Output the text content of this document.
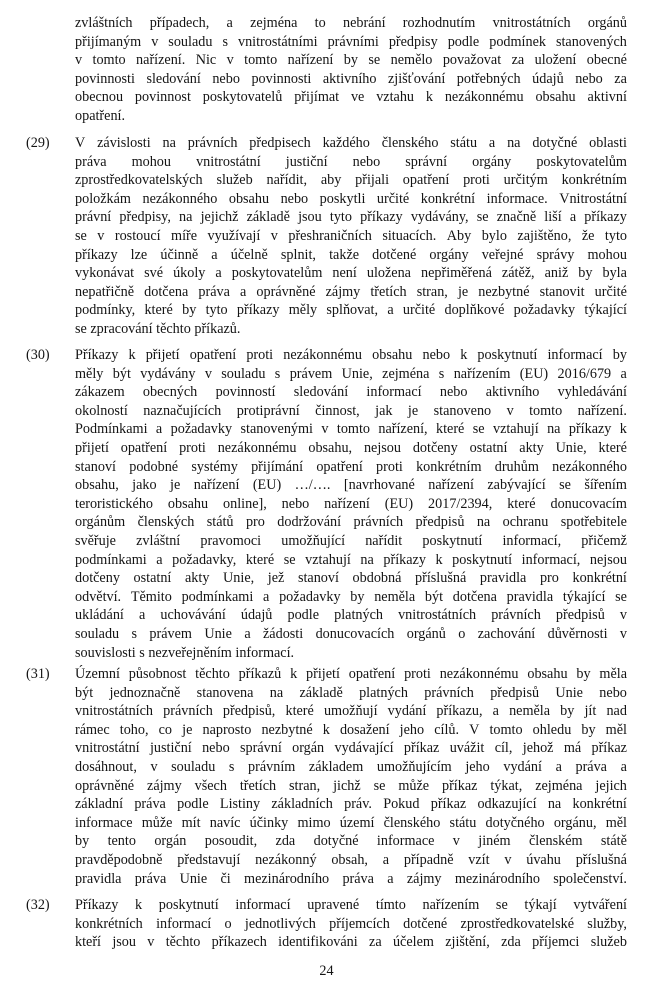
zvláštních případech, a zejména to nebrání rozhodnutím vnitrostátních orgánů
přijímaným v souladu s vnitrostátními právními předpisy podle podmínek stanovených
v tomto nařízení. Nic v tomto nařízení by se nemělo považovat za uložení obecné
povinnosti sledování nebo povinnosti aktivního zjišťování potřebných údajů nebo za
obecnou povinnost poskytovatelů přijímat ve vztahu k nezákonnému obsahu aktivní
opatření.
(29) V závislosti na právních předpisech každého členského státu a na dotyčné oblasti
práva mohou vnitrostátní justiční nebo správní orgány poskytovatelům
zprostředkovatelských služeb nařídit, aby přijali opatření proti určitým konkrétním
položkám nezákonného obsahu nebo poskytli určité konkrétní informace. Vnitrostátní
právní předpisy, na jejichž základě jsou tyto příkazy vydávány, se značně liší a příkazy
se v rostoucí míře využívají v přeshraničních situacích. Aby bylo zajištěno, že tyto
příkazy lze účinně a účelně splnit, takže dotčené orgány veřejné správy mohou
vykonávat své úkoly a poskytovatelům není uložena nepřiměřená zátěž, aniž by byla
nepatřičně dotčena práva a oprávněné zájmy třetích stran, je nezbytné stanovit určité
podmínky, které by tyto příkazy měly splňovat, a určité doplňkové požadavky týkající
se zpracování těchto příkazů.
(30) Příkazy k přijetí opatření proti nezákonnému obsahu nebo k poskytnutí informací by
měly být vydávány v souladu s právem Unie, zejména s nařízením (EU) 2016/679 a
zákazem obecných povinností sledování informací nebo aktivního vyhledávání
okolností naznačujících protiprávní činnost, jak je stanoveno v tomto nařízení.
Podmínkami a požadavky stanovenými v tomto nařízení, které se vztahují na příkazy k
přijetí opatření proti nezákonnému obsahu, nejsou dotčeny ostatní akty Unie, které
stanoví podobné systémy přijímání opatření proti konkrétním druhům nezákonného
obsahu, jako je nařízení (EU) …/…. [navrhované nařízení zabývající se šířením
teroristického obsahu online], nebo nařízení (EU) 2017/2394, které donucovacím
orgánům členských států pro dodržování právních předpisů na ochranu spotřebitele
svěřuje zvláštní pravomoci umožňující nařídit poskytnutí informací, přičemž
podmínkami a požadavky, které se vztahují na příkazy k poskytnutí informací, nejsou
dotčeny ostatní akty Unie, jež stanoví obdobná příslušná pravidla pro konkrétní
odvětví. Těmito podmínkami a požadavky by neměla být dotčena pravidla týkající se
ukládání a uchovávání údajů podle platných vnitrostátních právních předpisů v
souladu s právem Unie a žádosti donucovacích orgánů o zachování důvěrnosti v
souvislosti s nezveřejněním informací.
(31) Územní působnost těchto příkazů k přijetí opatření proti nezákonnému obsahu by měla
být jednoznačně stanovena na základě platných právních předpisů Unie nebo
vnitrostátních právních předpisů, které umožňují vydání příkazu, a neměla by jít nad
rámec toho, co je naprosto nezbytné k dosažení jeho cílů. V tomto ohledu by měl
vnitrostátní justiční nebo správní orgán vydávající příkaz uvážit cíl, jehož má příkaz
dosáhnout, v souladu s právním základem umožňujícím jeho vydání a práva a
oprávněné zájmy všech třetích stran, jichž se může příkaz týkat, zejména jejich
základní práva podle Listiny základních práv. Pokud příkaz odkazující na konkrétní
informace může mít navíc účinky mimo území členského státu dotyčného orgánu, měl
by tento orgán posoudit, zda dotyčné informace v jiném členském státě
pravděpodobně představují nezákonný obsah, a případně vzít v úvahu příslušná
pravidla práva Unie či mezinárodního práva a zájmy mezinárodního společenství.
(32) Příkazy k poskytnutí informací upravené tímto nařízením se týkají vytváření
konkrétních informací o jednotlivých příjemcích dotčené zprostředkovatelské služby,
kteří jsou v těchto příkazech identifikováni za účelem zjištění, zda příjemci služeb
24
